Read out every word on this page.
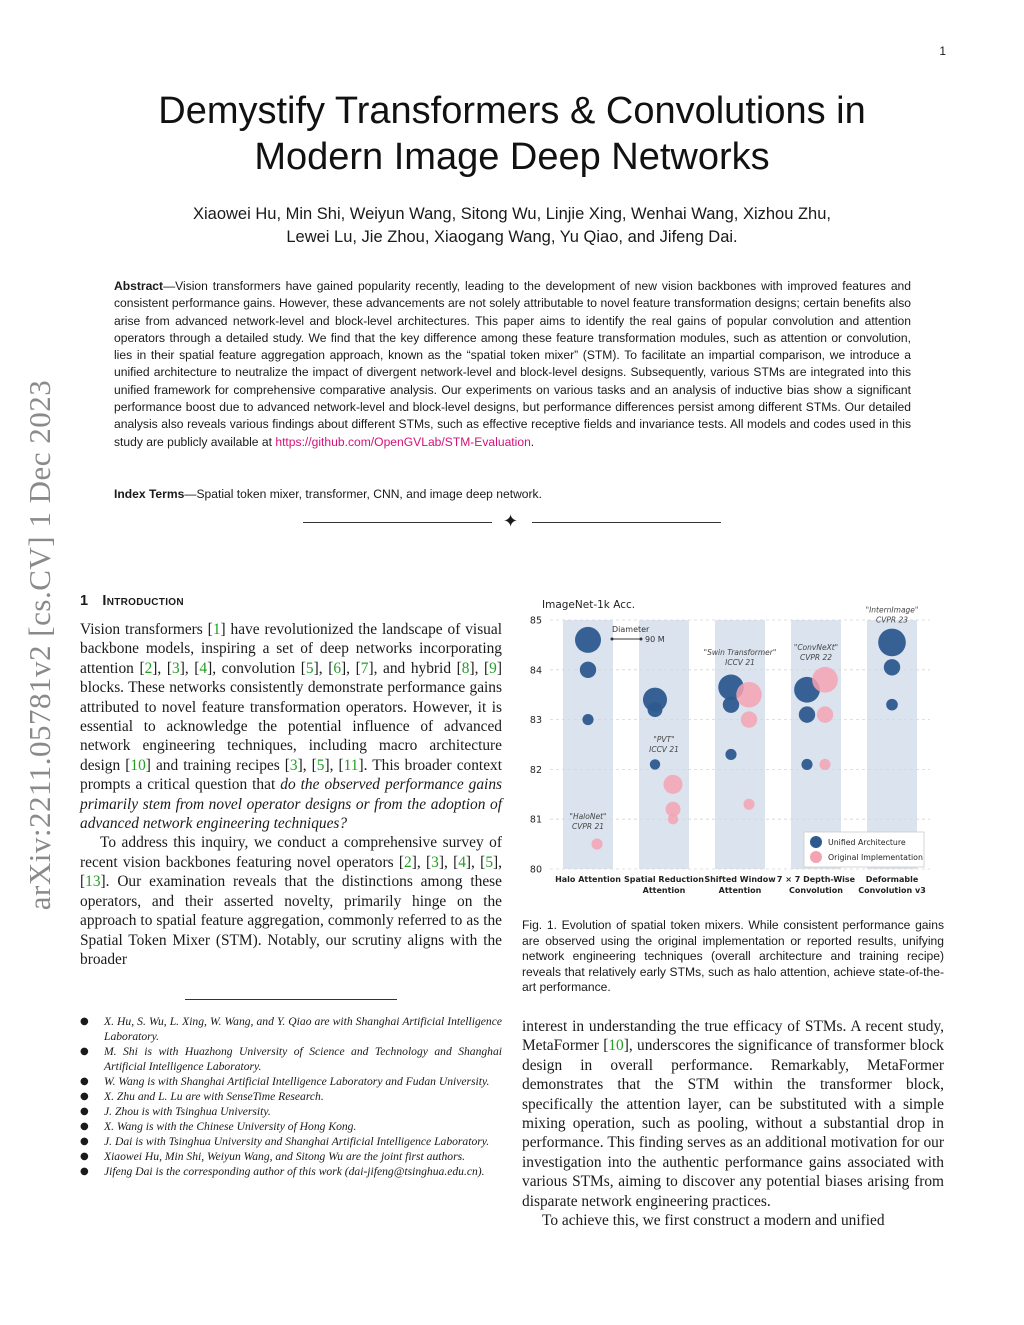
1
arXiv:2211.05781v2 [cs.CV] 1 Dec 2023
Demystify Transformers & Convolutions in
Modern Image Deep Networks
Xiaowei Hu, Min Shi, Weiyun Wang, Sitong Wu, Linjie Xing, Wenhai Wang, Xizhou Zhu,
Lewei Lu, Jie Zhou, Xiaogang Wang, Yu Qiao, and Jifeng Dai.
Abstract—Vision transformers have gained popularity recently, leading to the development of new vision backbones with improved features and consistent performance gains. However, these advancements are not solely attributable to novel feature transformation designs; certain benefits also arise from advanced network-level and block-level architectures. This paper aims to identify the real gains of popular convolution and attention operators through a detailed study. We find that the key difference among these feature transformation modules, such as attention or convolution, lies in their spatial feature aggregation approach, known as the “spatial token mixer” (STM). To facilitate an impartial comparison, we introduce a unified architecture to neutralize the impact of divergent network-level and block-level designs. Subsequently, various STMs are integrated into this unified framework for comprehensive comparative analysis. Our experiments on various tasks and an analysis of inductive bias show a significant performance boost due to advanced network-level and block-level designs, but performance differences persist among different STMs. Our detailed analysis also reveals various findings about different STMs, such as effective receptive fields and invariance tests. All models and codes used in this study are publicly available at https://github.com/OpenGVLab/STM-Evaluation.
Index Terms—Spatial token mixer, transformer, CNN, and image deep network.
✦
1 Introduction

Vision transformers [1] have revolutionized the landscape of visual backbone models, inspiring a set of deep networks incorporating attention [2], [3], [4], convolution [5], [6], [7], and hybrid [8], [9] blocks. These networks consistently demonstrate performance gains attributed to novel feature transformation operators. However, it is essential to acknowledge the potential influence of advanced network engineering techniques, including macro architecture design [10] and training recipes [3], [5], [11]. This broader context prompts a critical question that do the observed performance gains primarily stem from novel operator designs or from the adoption of advanced network engineering techniques?

To address this inquiry, we conduct a comprehensive survey of recent vision backbones featuring novel operators [2], [3], [4], [5], [13]. Our examination reveals that the distinctions among these operators, and their asserted novelty, primarily hinge on the approach to spatial feature aggregation, commonly referred to as the Spatial Token Mixer (STM). Notably, our scrutiny aligns with the broader

● X. Hu, S. Wu, L. Xing, W. Wang, and Y. Qiao are with Shanghai Artificial Intelligence Laboratory.
● M. Shi is with Huazhong University of Science and Technology and Shanghai Artificial Intelligence Laboratory.
● W. Wang is with Shanghai Artificial Intelligence Laboratory and Fudan University.
● X. Zhu and L. Lu are with SenseTime Research.
● J. Zhou is with Tsinghua University.
● X. Wang is with the Chinese University of Hong Kong.
● J. Dai is with Tsinghua University and Shanghai Artificial Intelligence Laboratory.
● Xiaowei Hu, Min Shi, Weiyun Wang, and Sitong Wu are the joint first authors.
● Jifeng Dai is the corresponding author of this work (dai-jifeng@tsinghua.edu.cn).
ImageNet-1k Acc.
80
81
82
83
84
85
Diameter
90 M
"HaloNet"
CVPR 21
"PVT"
ICCV 21
"Swin Transformer"
ICCV 21
"ConvNeXt"
CVPR 22
"InternImage"
CVPR 23
Halo Attention Spatial Reduction
Attention
Shifted Window
Attention
7 × 7 Depth-Wise
Convolution
Deformable
Convolution v3
Unified Architecture
Original Implementation
Fig. 1. Evolution of spatial token mixers. While consistent performance gains are observed using the original implementation or reported results, unifying network engineering techniques (overall architecture and training recipe) reveals that relatively early STMs, such as halo attention, achieve state-of-the-art performance.

interest in understanding the true efficacy of STMs. A recent study, MetaFormer [10], underscores the significance of transformer block design in overall performance. Remarkably, MetaFormer demonstrates that the STM within the transformer block, specifically the attention layer, can be substituted with a simple mixing operation, such as pooling, without a substantial drop in performance. This finding serves as an additional motivation for our investigation into the authentic performance gains associated with various STMs, aiming to discover any potential biases arising from disparate network engineering practices.

To achieve this, we first construct a modern and unified
